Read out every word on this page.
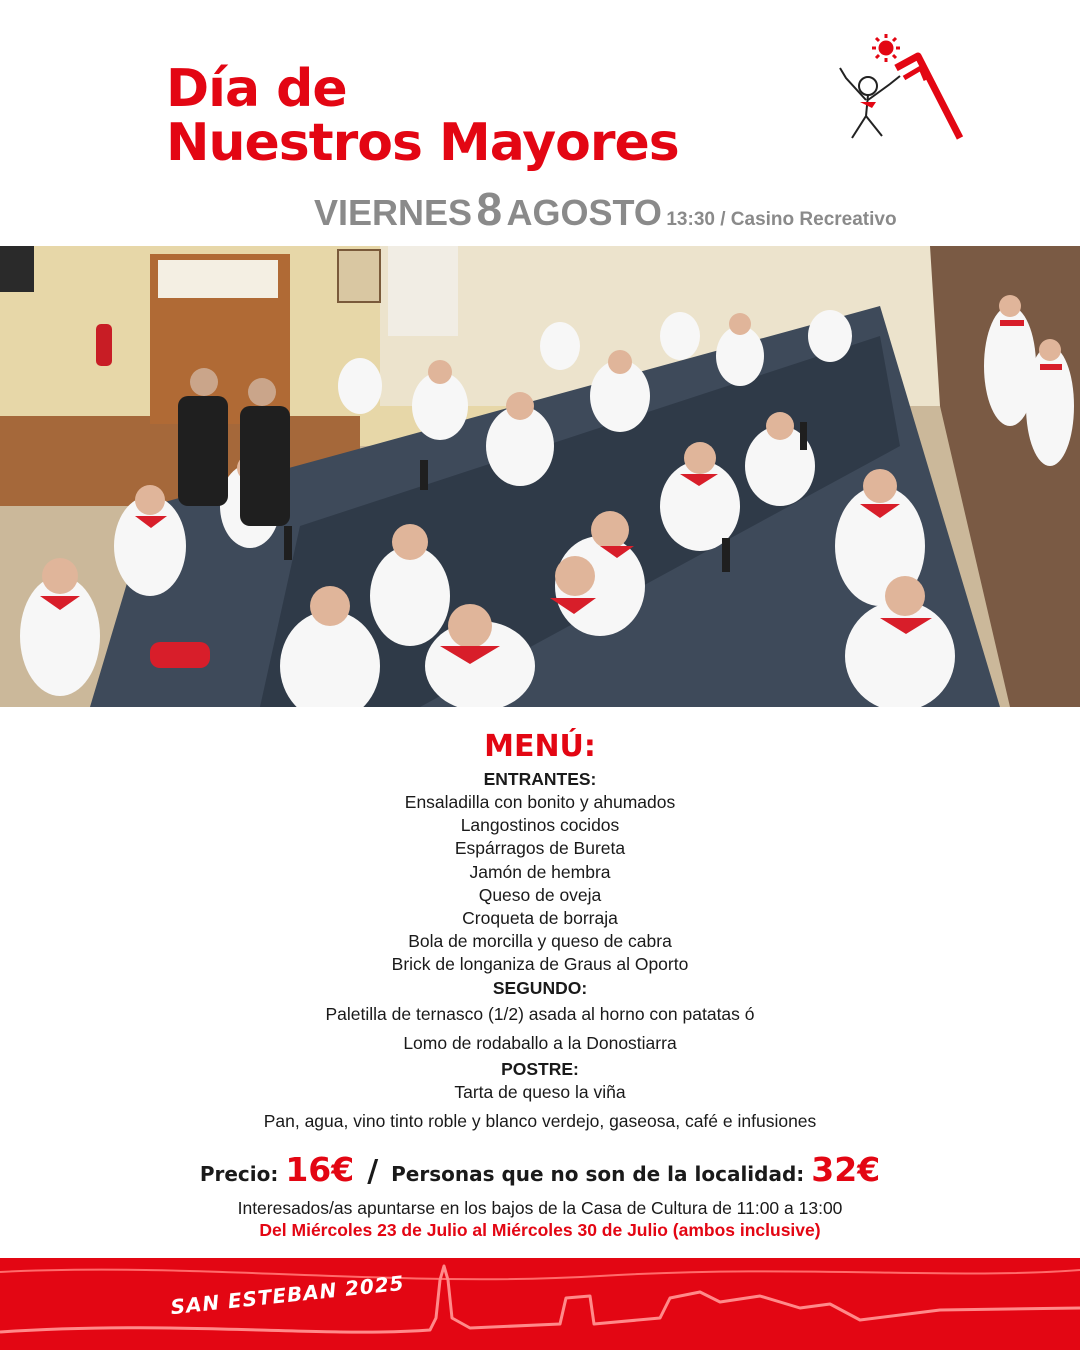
Día de
Nuestros Mayores
VIERNES 8 AGOSTO 13:30 / Casino Recreativo
MENÚ:
ENTRANTES:
Ensaladilla con bonito y ahumados
Langostinos cocidos
Espárragos de Bureta
Jamón de hembra
Queso de oveja
Croqueta de borraja
Bola de morcilla y queso de cabra
Brick de longaniza de Graus al Oporto
SEGUNDO:
Paletilla de ternasco (1/2) asada al horno con patatas ó
Lomo de rodaballo a la Donostiarra
POSTRE:
Tarta de queso la viña
Pan, agua, vino tinto roble y blanco verdejo, gaseosa, café e infusiones
Precio: 16€ / Personas que no son de la localidad: 32€
Interesados/as apuntarse en los bajos de la Casa de Cultura de 11:00 a 13:00
Del Miércoles 23 de Julio al Miércoles 30 de Julio (ambos inclusive)
SAN ESTEBAN 2025
